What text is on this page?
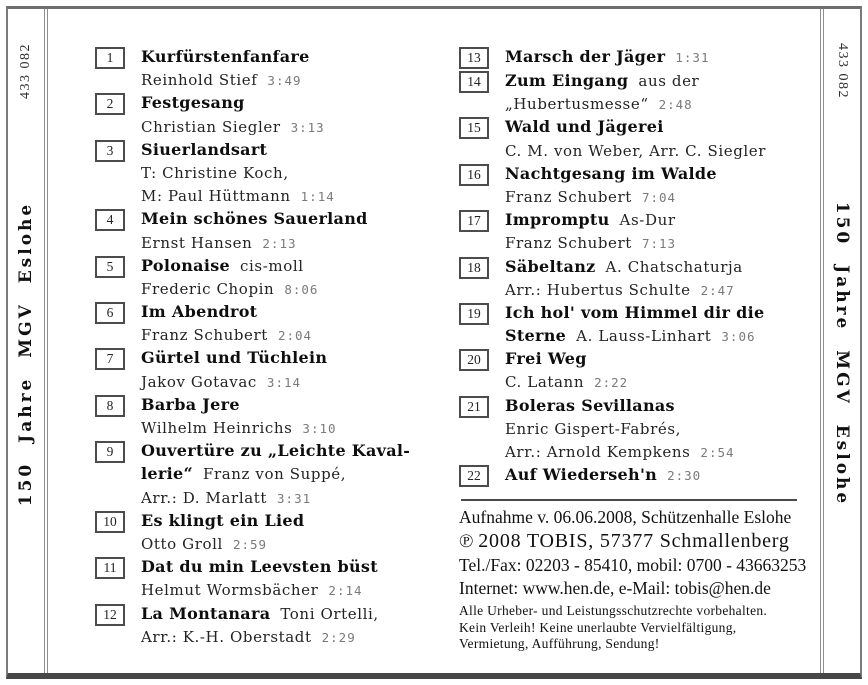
433 082
150 Jahre MGV Eslohe
433 082
150 Jahre MGV Eslohe
1	Kurfürstenfanfare
Reinhold Stief 3:49
2	Festgesang
Christian Siegler 3:13
3	Siuerlandsart
T: Christine Koch,
M: Paul Hüttmann 1:14
4	Mein schönes Sauerland
Ernst Hansen 2:13
5	Polonaise cis-moll
Frederic Chopin 8:06
6	Im Abendrot
Franz Schubert 2:04
7	Gürtel und Tüchlein
Jakov Gotavac 3:14
8	Barba Jere
Wilhelm Heinrichs 3:10
9	Ouvertüre zu „Leichte Kaval-
lerie“ Franz von Suppé,
Arr.: D. Marlatt 3:31
10	Es klingt ein Lied
Otto Groll 2:59
11	Dat du min Leevsten büst
Helmut Wormsbächer 2:14
12	La Montanara Toni Ortelli,
Arr.: K.-H. Oberstadt 2:29
13	Marsch der Jäger 1:31
14	Zum Eingang aus der
„Hubertusmesse“ 2:48
15	Wald und Jägerei
C. M. von Weber, Arr. C. Siegler
16	Nachtgesang im Walde
Franz Schubert 7:04
17	Impromptu As-Dur
Franz Schubert 7:13
18	Säbeltanz A. Chatschaturja
Arr.: Hubertus Schulte 2:47
19	Ich hol' vom Himmel dir die
Sterne A. Lauss-Linhart 3:06
20	Frei Weg
C. Latann 2:22
21	Boleras Sevillanas
Enric Gispert-Fabrés,
Arr.: Arnold Kempkens 2:54
22	Auf Wiederseh'n 2:30
Aufnahme v. 06.06.2008, Schützenhalle Eslohe
℗ 2008 TOBIS, 57377 Schmallenberg
Tel./Fax: 02203 - 85410, mobil: 0700 - 43663253
Internet: www.hen.de, e-Mail: tobis@hen.de
Alle Urheber- und Leistungsschutzrechte vorbehalten.
Kein Verleih! Keine unerlaubte Vervielfältigung,
Vermietung, Aufführung, Sendung!
